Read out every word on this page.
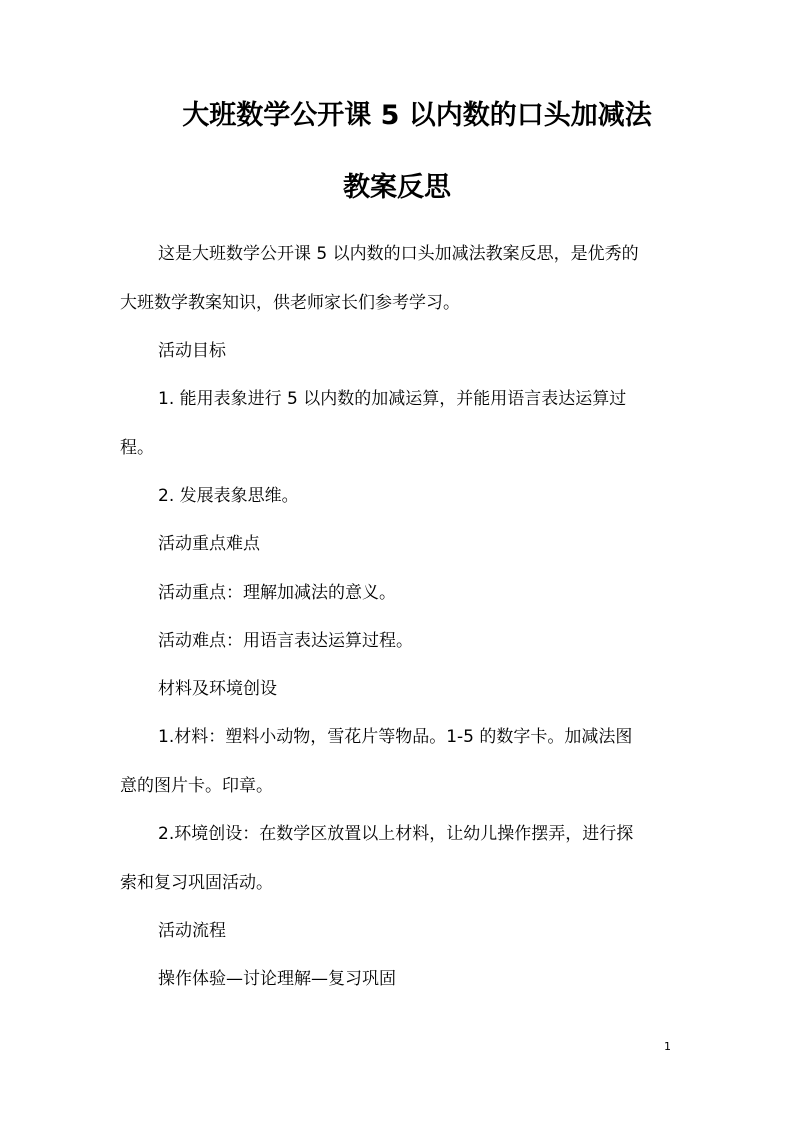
大班数学公开课 5 以内数的口头加减法
教案反思
这是大班数学公开课 5 以内数的口头加减法教案反思，是优秀的
大班数学教案知识，供老师家长们参考学习。
活动目标
1. 能用表象进行 5 以内数的加减运算，并能用语言表达运算过
程。
2. 发展表象思维。
活动重点难点
活动重点：理解加减法的意义。
活动难点：用语言表达运算过程。
材料及环境创设
1.材料：塑料小动物，雪花片等物品。1-5 的数字卡。加减法图
意的图片卡。印章。
2.环境创设：在数学区放置以上材料，让幼儿操作摆弄，进行探
索和复习巩固活动。
活动流程
操作体验—讨论理解—复习巩固
1
